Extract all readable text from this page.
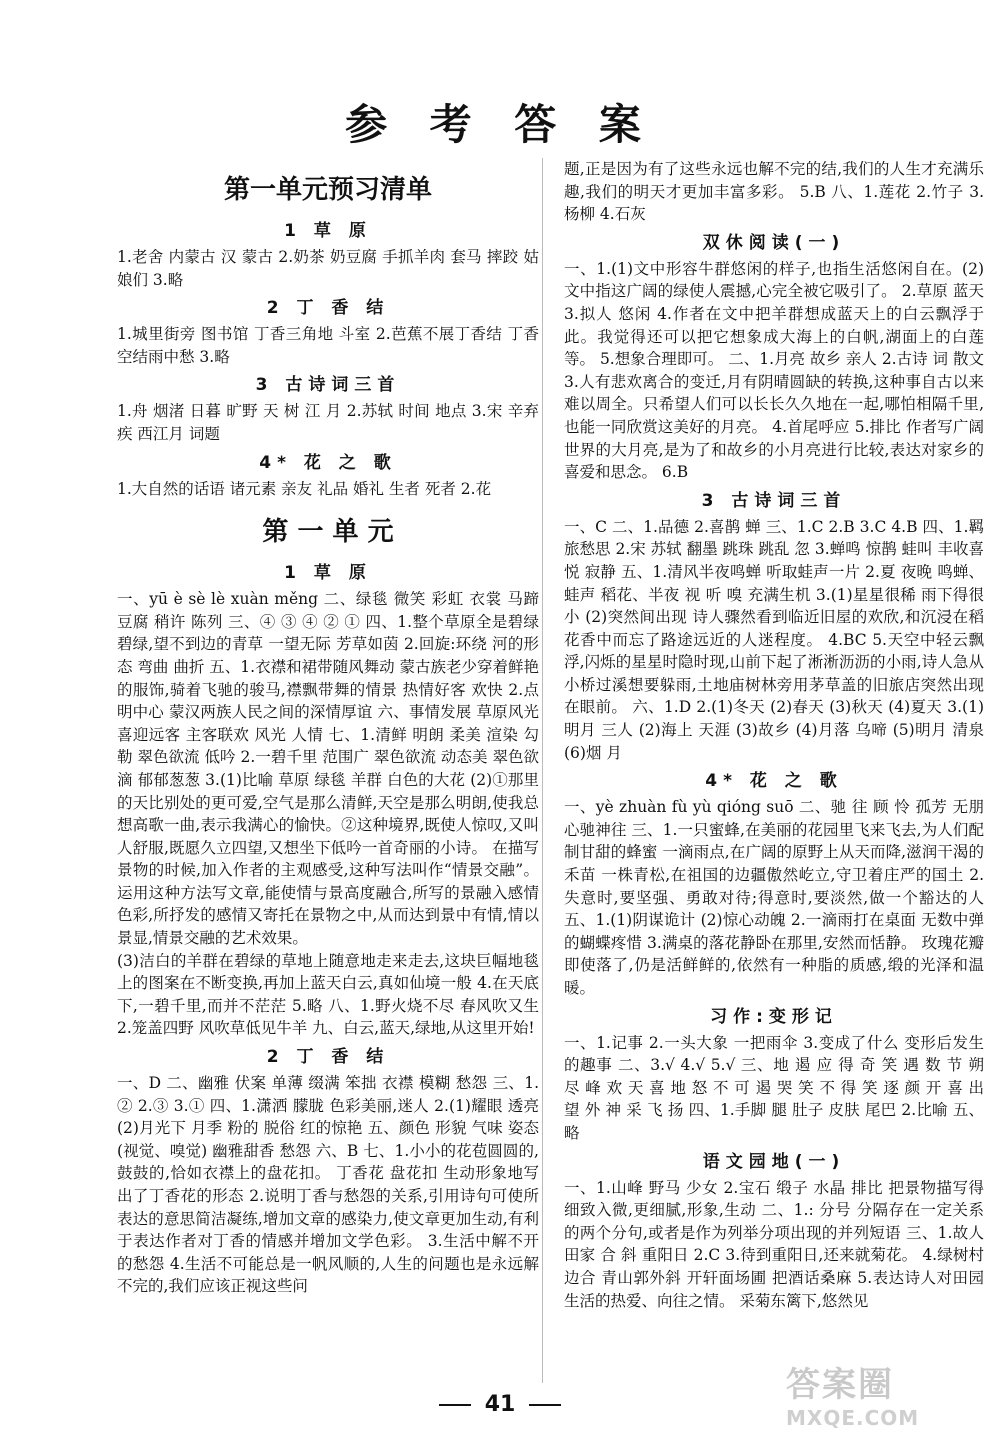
参 考 答 案
第一单元预习清单
1 草 原
1.老舍 内蒙古 汉 蒙古 2.奶茶 奶豆腐 手抓羊肉 套马 摔跤 姑娘们 3.略
2 丁 香 结
1.城里街旁 图书馆 丁香三角地 斗室 2.芭蕉不展丁香结 丁香空结雨中愁 3.略
3 古诗词三首
1.舟 烟渚 日暮 旷野 天 树 江 月 2.苏轼 时间 地点 3.宋 辛弃疾 西江月 词题
4* 花 之 歌
1.大自然的话语 诸元素 亲友 礼品 婚礼 生者 死者 2.花
第 一 单 元
1 草 原
一、yū è sè lè xuàn měng 二、绿毯 微笑 彩虹 衣裳 马蹄 豆腐 稍许 陈列 三、④ ③ ④ ② ① 四、1.整个草原全是碧绿碧绿,望不到边的青草 一望无际 芳草如茵 2.回旋:环绕 河的形态 弯曲 曲折 五、1.衣襟和裙带随风舞动 蒙古族老少穿着鲜艳的服饰,骑着飞驰的骏马,襟飘带舞的情景 热情好客 欢快 2.点明中心 蒙汉两族人民之间的深情厚谊 六、事情发展 草原风光 喜迎远客 主客联欢 风光 人情 七、1.清鲜 明朗 柔美 渲染 勾勒 翠色欲流 低吟 2.一碧千里 范围广 翠色欲流 动态美 翠色欲滴 郁郁葱葱 3.(1)比喻 草原 绿毯 羊群 白色的大花 (2)①那里的天比别处的更可爱,空气是那么清鲜,天空是那么明朗,使我总想高歌一曲,表示我满心的愉快。②这种境界,既使人惊叹,又叫人舒服,既愿久立四望,又想坐下低吟一首奇丽的小诗。 在描写景物的时候,加入作者的主观感受,这种写法叫作“情景交融”。运用这种方法写文章,能使情与景高度融合,所写的景融入感情色彩,所抒发的感情又寄托在景物之中,从而达到景中有情,情以景显,情景交融的艺术效果。
(3)洁白的羊群在碧绿的草地上随意地走来走去,这块巨幅地毯上的图案在不断变换,再加上蓝天白云,真如仙境一般 4.在天底下,一碧千里,而并不茫茫 5.略 八、1.野火烧不尽 春风吹又生 2.笼盖四野 风吹草低见牛羊 九、白云,蓝天,绿地,从这里开始!
2 丁 香 结
一、D 二、幽雅 伏案 单薄 缀满 笨拙 衣襟 模糊 愁怨 三、1.② 2.③ 3.① 四、1.潇洒 朦胧 色彩美丽,迷人 2.(1)耀眼 透亮 (2)月光下 月季 粉的 脱俗 红的惊艳 五、颜色 形貌 气味 姿态(视觉、嗅觉) 幽雅甜香 愁怨 六、B 七、1.小小的花苞圆圆的,鼓鼓的,恰如衣襟上的盘花扣。 丁香花 盘花扣 生动形象地写出了丁香花的形态 2.说明丁香与愁怨的关系,引用诗句可使所表达的意思简洁凝练,增加文章的感染力,使文章更加生动,有利于表达作者对丁香的情感并增加文学色彩。 3.生活中解不开的愁怨 4.生活不可能总是一帆风顺的,人生的问题也是永远解不完的,我们应该正视这些问
题,正是因为有了这些永远也解不完的结,我们的人生才充满乐趣,我们的明天才更加丰富多彩。 5.B 八、1.莲花 2.竹子 3.杨柳 4.石灰
双休阅读(一)
一、1.(1)文中形容牛群悠闲的样子,也指生活悠闲自在。(2)文中指这广阔的绿使人震撼,心完全被它吸引了。 2.草原 蓝天 3.拟人 悠闲 4.作者在文中把羊群想成蓝天上的白云飘浮于此。我觉得还可以把它想象成大海上的白帆,湖面上的白莲等。 5.想象合理即可。 二、1.月亮 故乡 亲人 2.古诗 词 散文 3.人有悲欢离合的变迁,月有阴晴圆缺的转换,这种事自古以来难以周全。只希望人们可以长长久久地在一起,哪怕相隔千里,也能一同欣赏这美好的月亮。 4.首尾呼应 5.排比 作者写广阔世界的大月亮,是为了和故乡的小月亮进行比较,表达对家乡的喜爱和思念。 6.B
3 古诗词三首
一、C 二、1.品德 2.喜鹊 蝉 三、1.C 2.B 3.C 4.B 四、1.羁旅愁思 2.宋 苏轼 翻墨 跳珠 跳乱 忽 3.蝉鸣 惊鹊 蛙叫 丰收喜悦 寂静 五、1.清风半夜鸣蝉 听取蛙声一片 2.夏 夜晚 鸣蝉、蛙声 稻花、半夜 视 听 嗅 充满生机 3.(1)星星很稀 雨下得很小 (2)突然间出现 诗人骤然看到临近旧屋的欢欣,和沉浸在稻花香中而忘了路途远近的人迷程度。 4.BC 5.天空中轻云飘浮,闪烁的星星时隐时现,山前下起了淅淅沥沥的小雨,诗人急从小桥过溪想要躲雨,土地庙树林旁用茅草盖的旧旅店突然出现在眼前。 六、1.D 2.(1)冬天 (2)春天 (3)秋天 (4)夏天 3.(1)明月 三人 (2)海上 天涯 (3)故乡 (4)月落 乌啼 (5)明月 清泉 (6)烟 月
4* 花 之 歌
一、yè zhuàn fù yù qióng suō 二、驰 往 顾 怜 孤芳 无朋 心驰神往 三、1.一只蜜蜂,在美丽的花园里飞来飞去,为人们配制甘甜的蜂蜜 一滴雨点,在广阔的原野上从天而降,滋润干渴的禾苗 一株青松,在祖国的边疆傲然屹立,守卫着庄严的国土 2.失意时,要坚强、勇敢对待;得意时,要淡然,做一个豁达的人 五、1.(1)阴谋诡计 (2)惊心动魄 2.一滴雨打在桌面 无数中弹的蝴蝶疼惜 3.满桌的落花静卧在那里,安然而恬静。 玫瑰花瓣即使落了,仍是活鲜鲜的,依然有一种脂的质感,缎的光泽和温暖。
习作:变形记
一、1.记事 2.一头大象 一把雨伞 3.变成了什么 变形后发生的趣事 二、3.√ 4.√ 5.√ 三、地 遏 应 得 奇 笑 遇 数 节 朔 尽 峰 欢 天 喜 地 怒 不 可 遏 哭 笑 不 得 笑 逐 颜 开 喜 出 望 外 神 采 飞 扬 四、1.手脚 腿 肚子 皮肤 尾巴 2.比喻 五、略
语文园地(一)
一、1.山峰 野马 少女 2.宝石 缎子 水晶 排比 把景物描写得细致入微,更细腻,形象,生动 二、1.: 分号 分隔存在一定关系的两个分句,或者是作为列举分项出现的并列短语 三、1.故人 田家 合 斜 重阳日 2.C 3.待到重阳日,还来就菊花。 4.绿树村边合 青山郭外斜 开轩面场圃 把酒话桑麻 5.表达诗人对田园生活的热爱、向往之情。 采菊东篱下,悠然见
41	答案圈
MXQE.COM
